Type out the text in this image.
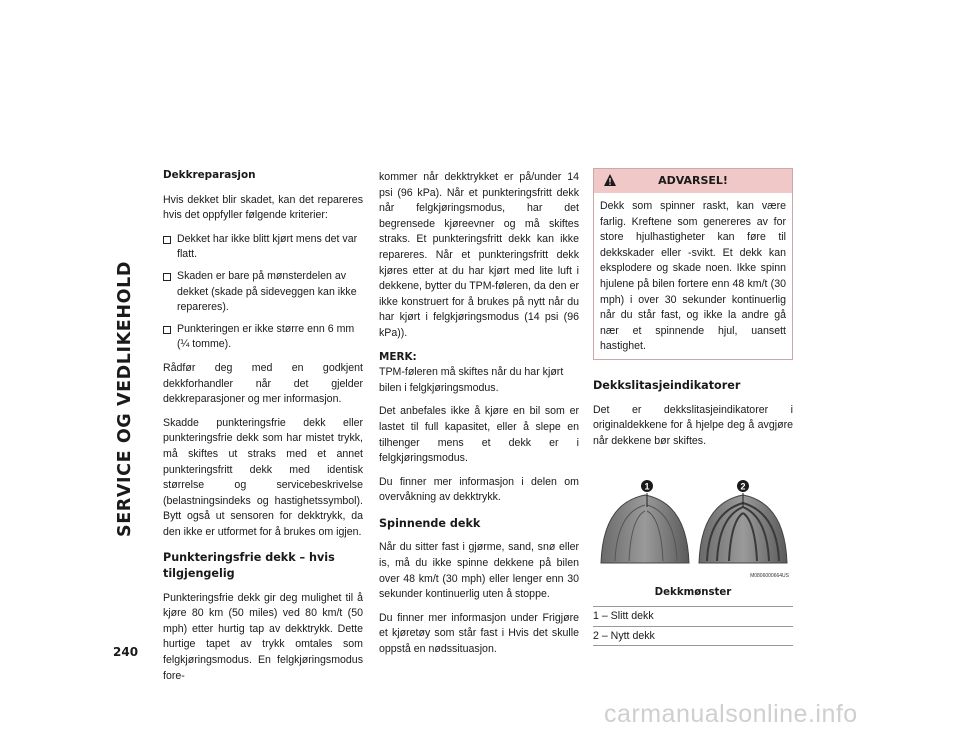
SERVICE OG VEDLIKEHOLD
240
Dekkreparasjon

Hvis dekket blir skadet, kan det repareres hvis det oppfyller følgende kriterier:

Dekket har ikke blitt kjørt mens det var flatt.
Skaden er bare på mønsterdelen av dekket (skade på sideveggen kan ikke repareres).
Punkteringen er ikke større enn 6 mm (¼ tomme).

Rådfør deg med en godkjent dekkforhandler når det gjelder dekkreparasjoner og mer informasjon.

Skadde punkteringsfrie dekk eller punkteringsfrie dekk som har mistet trykk, må skiftes ut straks med et annet punkteringsfritt dekk med identisk størrelse og servicebeskrivelse (belastningsindeks og hastighetssymbol). Bytt også ut sensoren for dekktrykk, da den ikke er utformet for å brukes om igjen.

Punkteringsfrie dekk – hvis tilgjengelig

Punkteringsfrie dekk gir deg mulighet til å kjøre 80 km (50 miles) ved 80 km/t (50 mph) etter hurtig tap av dekktrykk. Dette hurtige tapet av trykk omtales som felgkjøringsmodus. En felgkjøringsmodus fore-

kommer når dekktrykket er på/under 14 psi (96 kPa). Når et punkteringsfritt dekk når felgkjøringsmodus, har det begrensede kjøreevner og må skiftes straks. Et punkteringsfritt dekk kan ikke repareres. Når et punkteringsfritt dekk kjøres etter at du har kjørt med lite luft i dekkene, bytter du TPM-føleren, da den er ikke konstruert for å brukes på nytt når du har kjørt i felgkjøringsmodus (14 psi (96 kPa)).

MERK:

TPM-føleren må skiftes når du har kjørt bilen i felgkjøringsmodus.

Det anbefales ikke å kjøre en bil som er lastet til full kapasitet, eller å slepe en tilhenger mens et dekk er i felgkjøringsmodus.

Du finner mer informasjon i delen om overvåkning av dekktrykk.

Spinnende dekk

Når du sitter fast i gjørme, sand, snø eller is, må du ikke spinne dekkene på bilen over 48 km/t (30 mph) eller lenger enn 30 sekunder kontinuerlig uten å stoppe.

Du finner mer informasjon under Frigjøre et kjøretøy som står fast i Hvis det skulle oppstå en nødssituasjon.

ADVARSEL!

Dekk som spinner raskt, kan være farlig. Kreftene som genereres av for store hjulhastigheter kan føre til dekkskader eller -svikt. Et dekk kan eksplodere og skade noen. Ikke spinn hjulene på bilen fortere enn 48 km/t (30 mph) i over 30 sekunder kontinuerlig når du står fast, og ikke la andre gå nær et spinnende hjul, uansett hastighet.

Dekkslitasjeindikatorer

Det er dekkslitasjeindikatorer i originaldekkene for å hjelpe deg å avgjøre når dekkene bør skiftes.

1	2
M0806000664US
Dekkmønster
1 – Slitt dekk
2 – Nytt dekk
carmanualsonline.info
